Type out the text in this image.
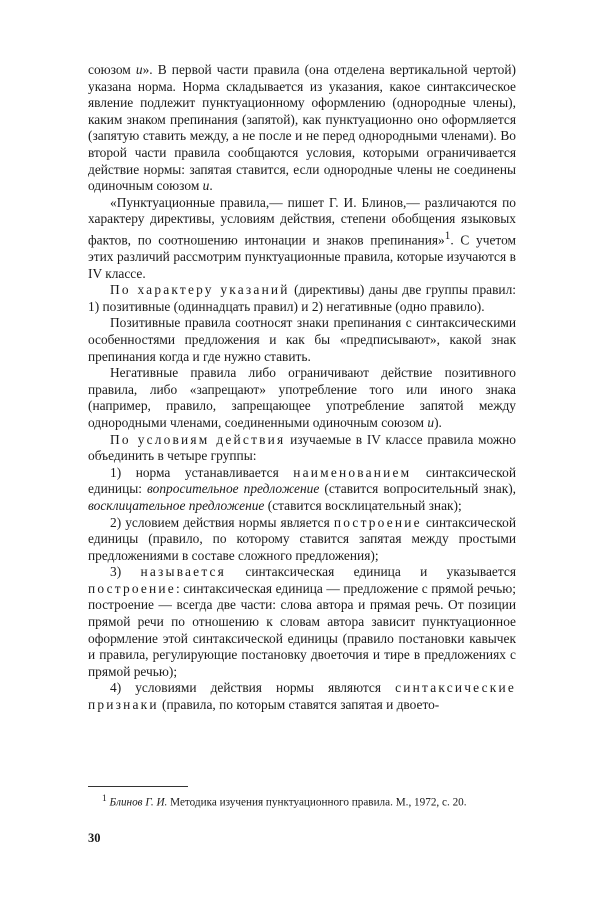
союзом и». В первой части правила (она отделена вертикальной чертой) указана норма. Норма складывается из указания, какое синтаксическое явление подлежит пунктуационному оформлению (однородные члены), каким знаком препинания (запятой), как пунктуационно оно оформляется (запятую ставить между, а не после и не перед однородными членами). Во второй части правила сообщаются условия, которыми ограничивается действие нормы: запятая ставится, если однородные члены не соединены одиночным союзом и.

«Пунктуационные правила,— пишет Г. И. Блинов,— различаются по характеру директивы, условиям действия, степени обобщения языковых фактов, по соотношению интонации и знаков препинания»$^1$. С учетом этих различий рассмотрим пунктуационные правила, которые изучаются в IV классе.

По характеру указаний (директивы) даны две группы правил: 1) позитивные (одиннадцать правил) и 2) негативные (одно правило).

Позитивные правила соотносят знаки препинания с синтаксическими особенностями предложения и как бы «предписывают», какой знак препинания когда и где нужно ставить.

Негативные правила либо ограничивают действие позитивного правила, либо «запрещают» употребление того или иного знака (например, правило, запрещающее употребление запятой между однородными членами, соединенными одиночным союзом и).

По условиям действия изучаемые в IV классе правила можно объединить в четыре группы:

1) норма устанавливается наименованием синтаксической единицы: вопросительное предложение (ставится вопросительный знак), восклицательное предложение (ставится восклицательный знак);

2) условием действия нормы является построение синтаксической единицы (правило, по которому ставится запятая между простыми предложениями в составе сложного предложения);

3) называется синтаксическая единица и указывается построение: синтаксическая единица — предложение с прямой речью; построение — всегда две части: слова автора и прямая речь. От позиции прямой речи по отношению к словам автора зависит пунктуационное оформление этой синтаксической единицы (правило постановки кавычек и правила, регулирующие постановку двоеточия и тире в предложениях с прямой речью);

4) условиями действия нормы являются синтаксические признаки (правила, по которым ставятся запятая и двоето-

$^1$ Блинов Г. И. Методика изучения пунктуационного правила. М., 1972, с. 20.

30
